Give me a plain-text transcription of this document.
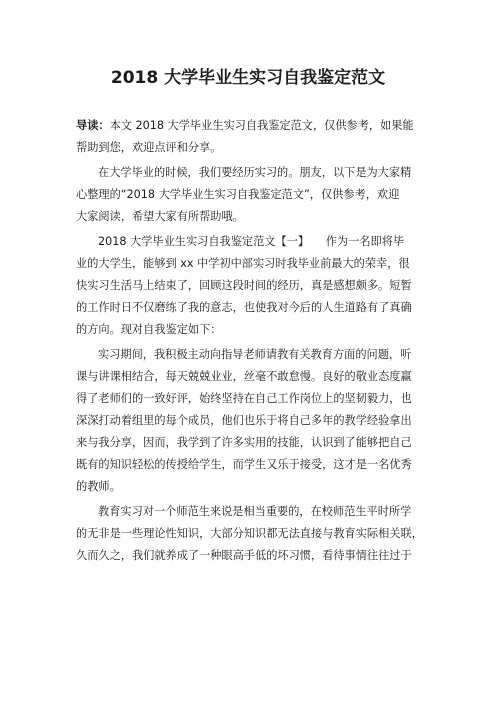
2018 大学毕业生实习自我鉴定范文

导读：本文 2018 大学毕业生实习自我鉴定范文，仅供参考，如果能
帮助到您，欢迎点评和分享。

在大学毕业的时候，我们要经历实习的。朋友，以下是为大家精
心整理的“2018 大学毕业生实习自我鉴定范文”，仅供参考，欢迎
大家阅读，希望大家有所帮助哦。

2018 大学毕业生实习自我鉴定范文【一】　　作为一名即将毕
业的大学生，能够到 xx 中学初中部实习时我毕业前最大的荣幸，很
快实习生活马上结束了，回顾这段时间的经历，真是感想颇多。短暂
的工作时日不仅磨练了我的意志，也使我对今后的人生道路有了真确
的方向。现对自我鉴定如下：

实习期间，我积极主动向指导老师请教有关教育方面的问题，听
课与讲课相结合，每天兢兢业业，丝毫不敢怠慢。良好的敬业态度赢
得了老师们的一致好评，始终坚持在自己工作岗位上的坚韧毅力，也
深深打动着组里的每个成员，他们也乐于将自己多年的教学经验拿出
来与我分享，因而，我学到了许多实用的技能，认识到了能够把自己
既有的知识轻松的传授给学生，而学生又乐于接受，这才是一名优秀
的教师。

教育实习对一个师范生来说是相当重要的，在校师范生平时所学
的无非是一些理论性知识，大部分知识都无法直接与教育实际相关联，
久而久之，我们就养成了一种眼高手低的坏习惯，看待事情往往过于
